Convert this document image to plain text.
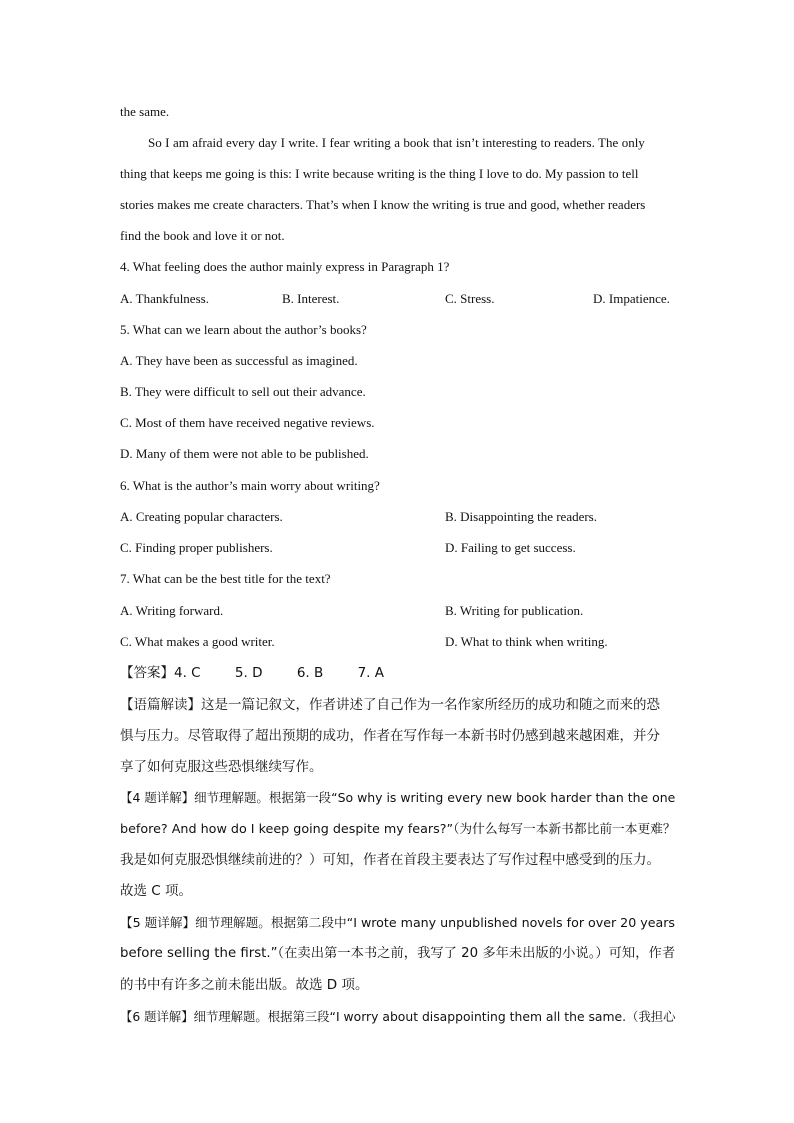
the same.
So I am afraid every day I write. I fear writing a book that isn’t interesting to readers. The only
thing that keeps me going is this: I write because writing is the thing I love to do. My passion to tell
stories makes me create characters. That’s when I know the writing is true and good, whether readers
find the book and love it or not.
4. What feeling does the author mainly express in Paragraph 1?
A. Thankfulness.	B. Interest.	C. Stress.	D. Impatience.
5. What can we learn about the author’s books?
A. They have been as successful as imagined.
B. They were difficult to sell out their advance.
C. Most of them have received negative reviews.
D. Many of them were not able to be published.
6. What is the author’s main worry about writing?
A. Creating popular characters.	B. Disappointing the readers.
C. Finding proper publishers.	D. Failing to get success.
7. What can be the best title for the text?
A. Writing forward.	B. Writing for publication.
C. What makes a good writer.	D. What to think when writing.
【答案】4. C        5. D        6. B        7. A
【语篇解读】这是一篇记叙文，作者讲述了自己作为一名作家所经历的成功和随之而来的恐
惧与压力。尽管取得了超出预期的成功，作者在写作每一本新书时仍感到越来越困难，并分
享了如何克服这些恐惧继续写作。
【4 题详解】细节理解题。根据第一段“So why is writing every new book harder than the one
before? And how do I keep going despite my fears?”（为什么每写一本新书都比前一本更难？
我是如何克服恐惧继续前进的？）可知，作者在首段主要表达了写作过程中感受到的压力。
故选 C 项。
【5 题详解】细节理解题。根据第二段中“I wrote many unpublished novels for over 20 years
before selling the first.”（在卖出第一本书之前，我写了 20 多年未出版的小说。）可知，作者
的书中有许多之前未能出版。故选 D 项。
【6 题详解】细节理解题。根据第三段“I worry about disappointing them all the same.（我担心
